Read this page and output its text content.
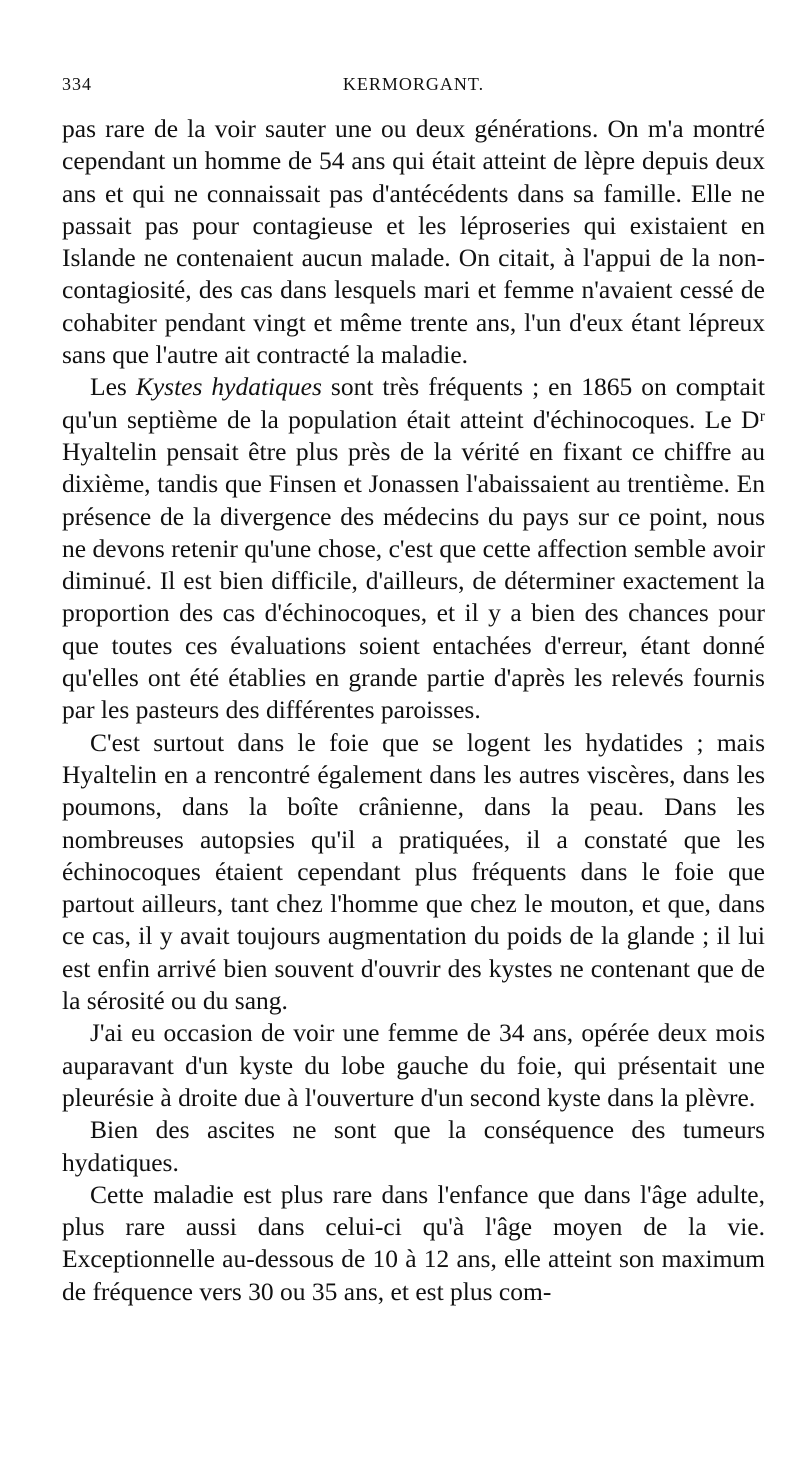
334	KERMORGANT.

pas rare de la voir sauter une ou deux générations. On m'a montré cependant un homme de 54 ans qui était atteint de lèpre depuis deux ans et qui ne connaissait pas d'antécédents dans sa famille. Elle ne passait pas pour contagieuse et les léproseries qui existaient en Islande ne contenaient aucun malade. On citait, à l'appui de la non-contagiosité, des cas dans lesquels mari et femme n'avaient cessé de cohabiter pendant vingt et même trente ans, l'un d'eux étant lépreux sans que l'autre ait contracté la maladie.

Les Kystes hydatiques sont très fréquents ; en 1865 on comptait qu'un septième de la population était atteint d'échinocoques. Le Dʳ Hyaltelin pensait être plus près de la vérité en fixant ce chiffre au dixième, tandis que Finsen et Jonassen l'abaissaient au trentième. En présence de la divergence des médecins du pays sur ce point, nous ne devons retenir qu'une chose, c'est que cette affection semble avoir diminué. Il est bien difficile, d'ailleurs, de déterminer exactement la proportion des cas d'échinocoques, et il y a bien des chances pour que toutes ces évaluations soient entachées d'erreur, étant donné qu'elles ont été établies en grande partie d'après les relevés fournis par les pasteurs des différentes paroisses.

C'est surtout dans le foie que se logent les hydatides ; mais Hyaltelin en a rencontré également dans les autres viscères, dans les poumons, dans la boîte crânienne, dans la peau. Dans les nombreuses autopsies qu'il a pratiquées, il a constaté que les échinocoques étaient cependant plus fréquents dans le foie que partout ailleurs, tant chez l'homme que chez le mouton, et que, dans ce cas, il y avait toujours augmentation du poids de la glande ; il lui est enfin arrivé bien souvent d'ouvrir des kystes ne contenant que de la sérosité ou du sang.

J'ai eu occasion de voir une femme de 34 ans, opérée deux mois auparavant d'un kyste du lobe gauche du foie, qui présentait une pleurésie à droite due à l'ouverture d'un second kyste dans la plèvre.

Bien des ascites ne sont que la conséquence des tumeurs hydatiques.

Cette maladie est plus rare dans l'enfance que dans l'âge adulte, plus rare aussi dans celui-ci qu'à l'âge moyen de la vie. Exceptionnelle au-dessous de 10 à 12 ans, elle atteint son maximum de fréquence vers 30 ou 35 ans, et est plus com-
